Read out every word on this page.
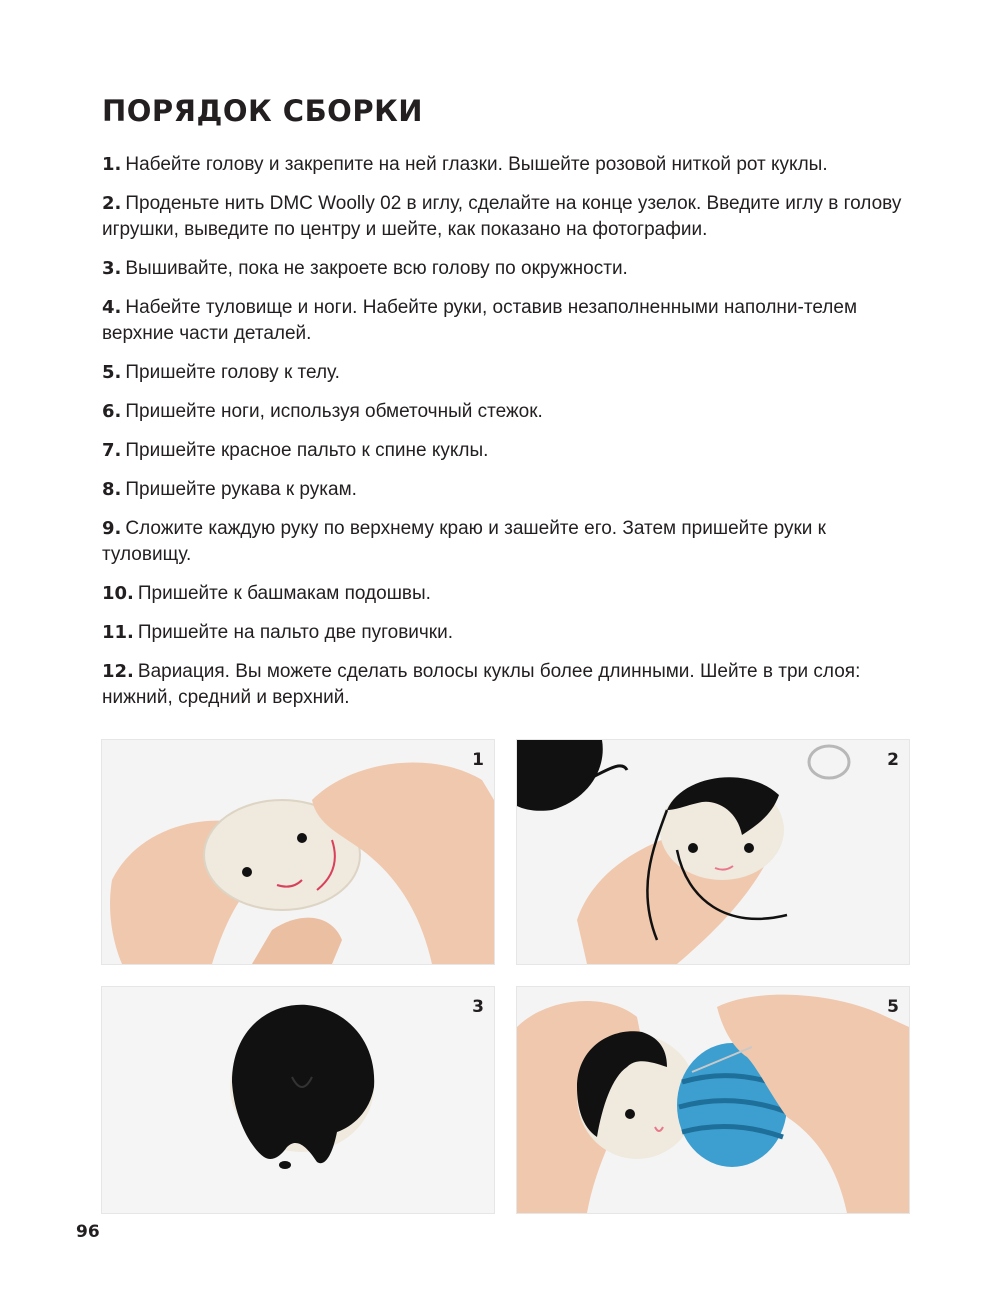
ПОРЯДОК СБОРКИ
1. Набейте голову и закрепите на ней глазки. Вышейте розовой ниткой рот куклы.
2. Проденьте нить DMC Woolly 02 в иглу, сделайте на конце узелок. Введите иглу в голову игрушки, выведите по центру и шейте, как показано на фотографии.
3. Вышивайте, пока не закроете всю голову по окружности.
4. Набейте туловище и ноги. Набейте руки, оставив незаполненными наполни-телем верхние части деталей.
5. Пришейте голову к телу.
6. Пришейте ноги, используя обметочный стежок.
7. Пришейте красное пальто к спине куклы.
8. Пришейте рукава к рукам.
9. Сложите каждую руку по верхнему краю и зашейте его. Затем пришейте руки к туловищу.
10. Пришейте к башмакам подошвы.
11. Пришейте на пальто две пуговички.
12. Вариация. Вы можете сделать волосы куклы более длинными. Шейте в три слоя: нижний, средний и верхний.
1	2
3	5
96
